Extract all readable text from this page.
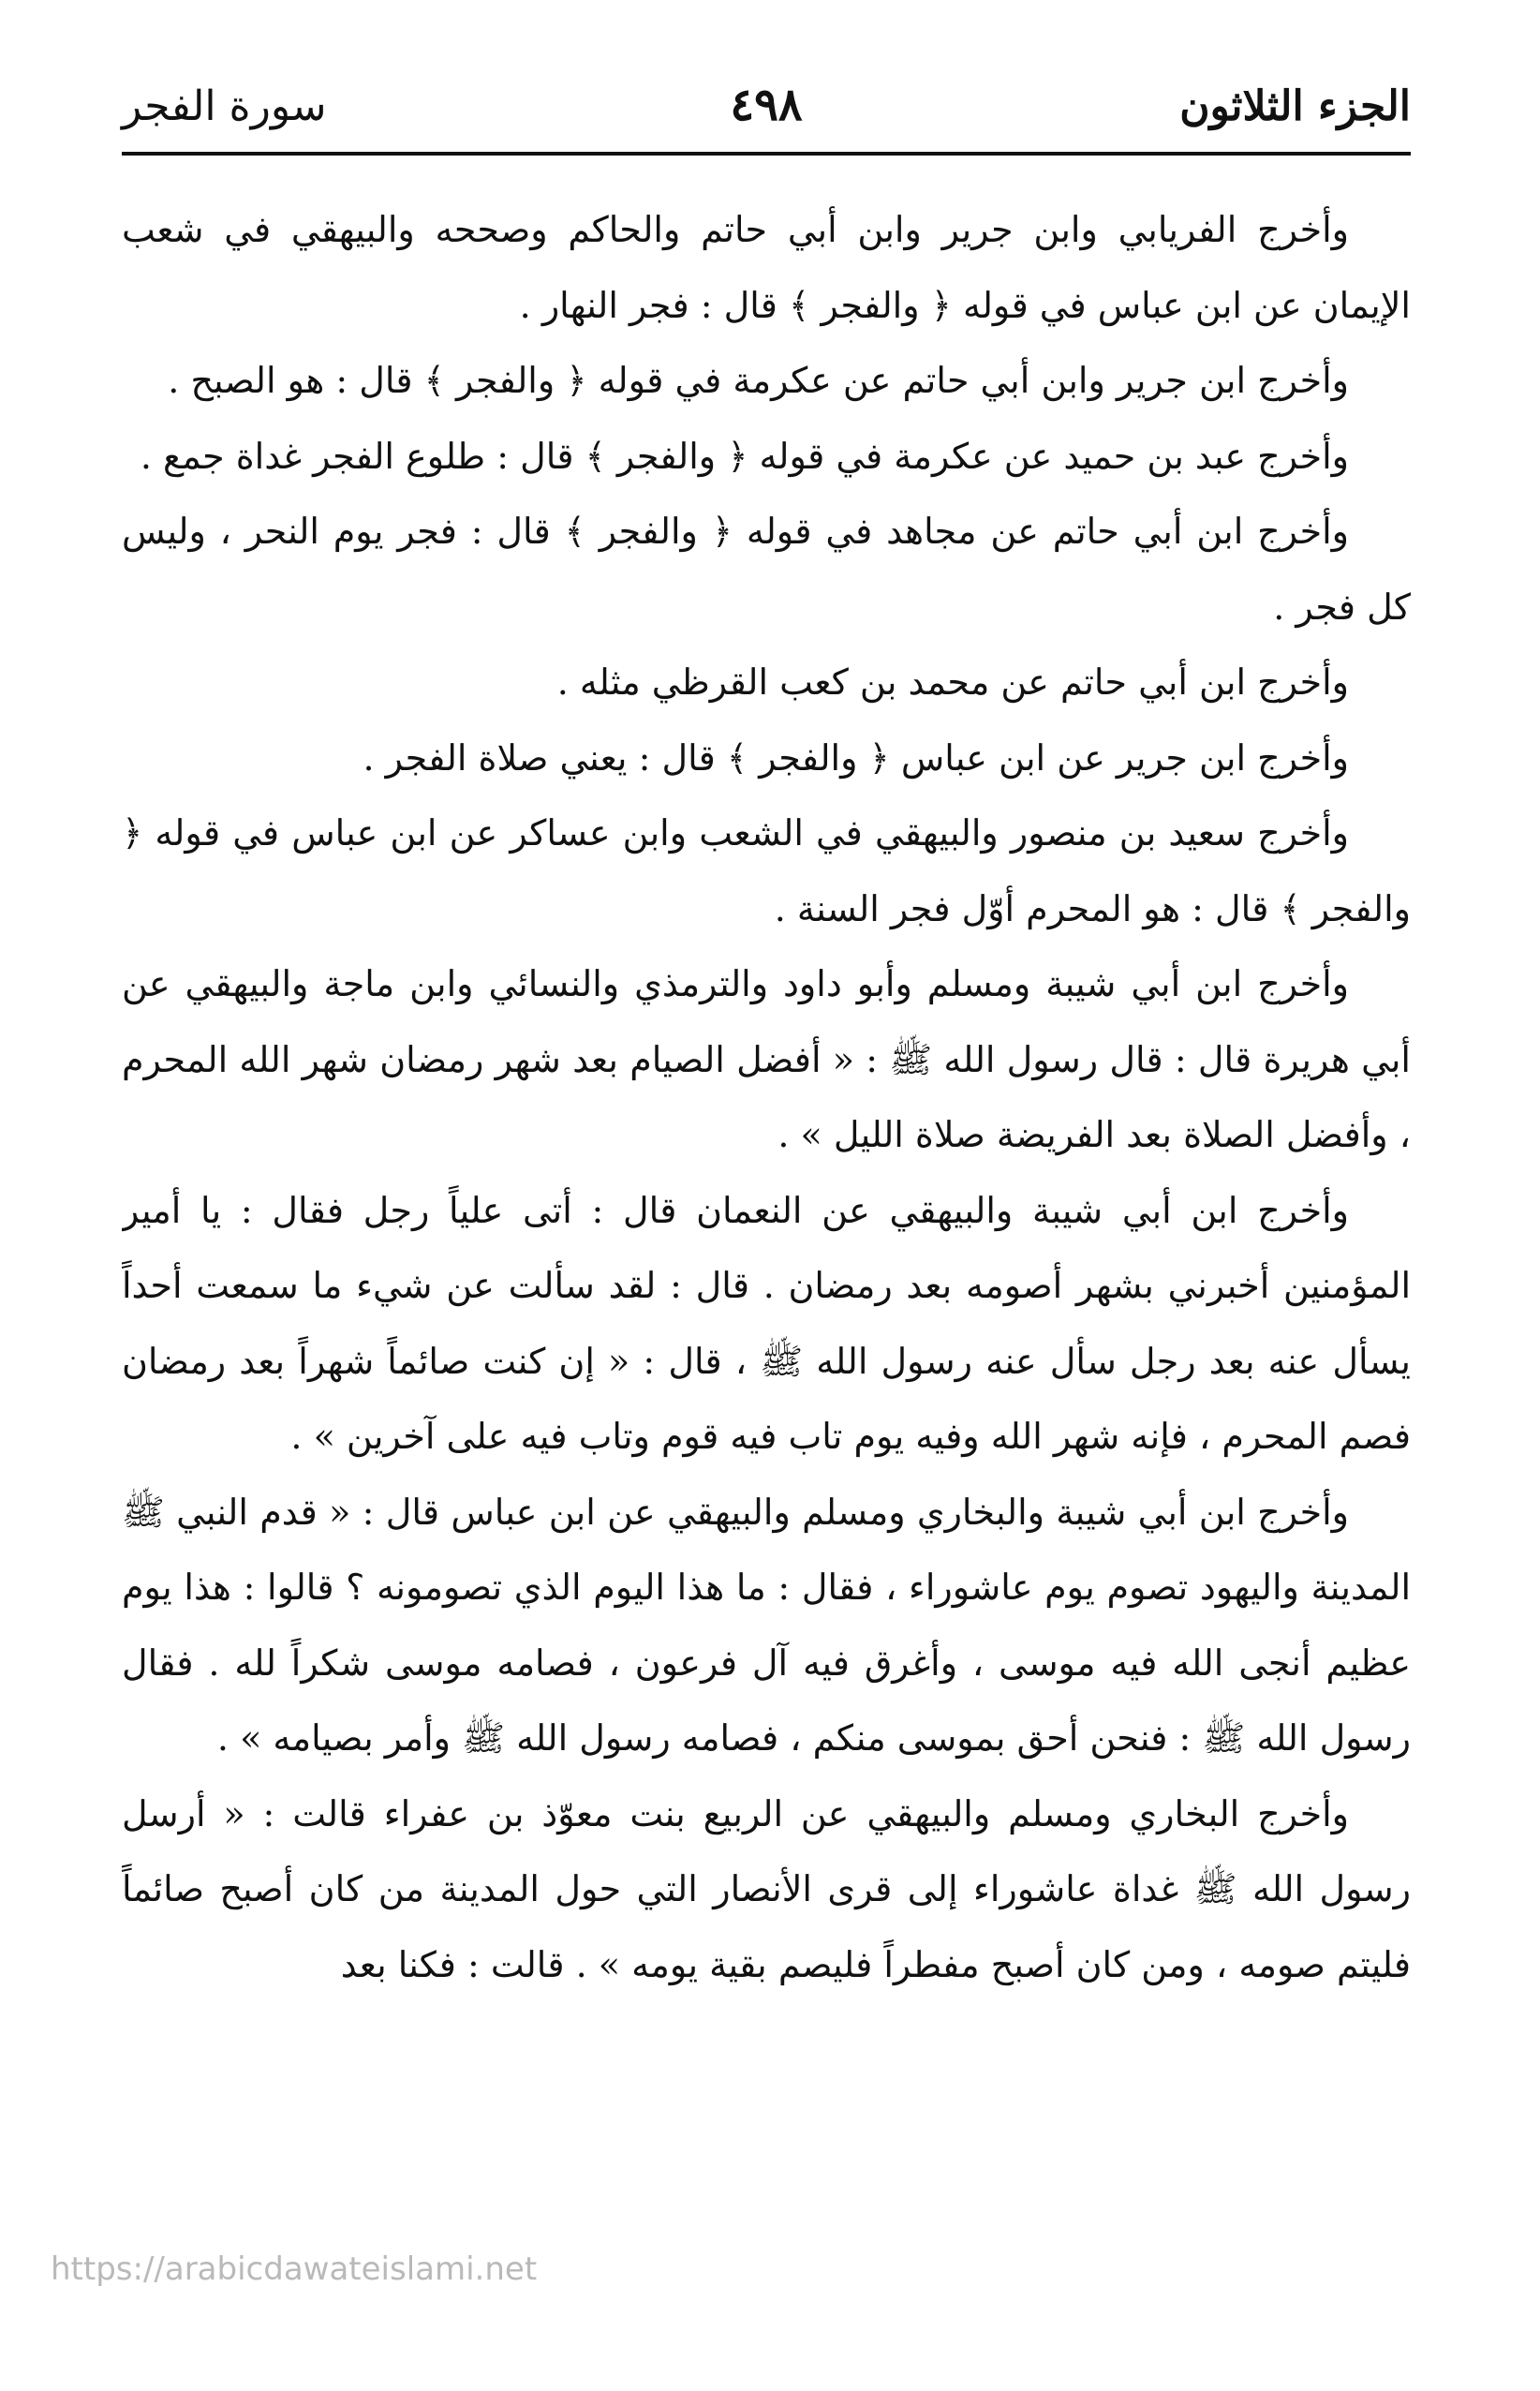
الجزء الثلاثون
٤٩٨
سورة الفجر

وأخرج الفريابي وابن جرير وابن أبي حاتم والحاكم وصححه والبيهقي في شعب الإيمان عن ابن عباس في قوله ﴿ والفجر ﴾ قال : فجر النهار .

وأخرج ابن جرير وابن أبي حاتم عن عكرمة في قوله ﴿ والفجر ﴾ قال : هو الصبح .

وأخرج عبد بن حميد عن عكرمة في قوله ﴿ والفجر ﴾ قال : طلوع الفجر غداة جمع .

وأخرج ابن أبي حاتم عن مجاهد في قوله ﴿ والفجر ﴾ قال : فجر يوم النحر ، وليس كل فجر .

وأخرج ابن أبي حاتم عن محمد بن كعب القرظي مثله .

وأخرج ابن جرير عن ابن عباس ﴿ والفجر ﴾ قال : يعني صلاة الفجر .

وأخرج سعيد بن منصور والبيهقي في الشعب وابن عساكر عن ابن عباس في قوله ﴿ والفجر ﴾ قال : هو المحرم أوّل فجر السنة .

وأخرج ابن أبي شيبة ومسلم وأبو داود والترمذي والنسائي وابن ماجة والبيهقي عن أبي هريرة قال : قال رسول الله ﷺ : « أفضل الصيام بعد شهر رمضان شهر الله المحرم ، وأفضل الصلاة بعد الفريضة صلاة الليل » .

وأخرج ابن أبي شيبة والبيهقي عن النعمان قال : أتى علياً رجل فقال : يا أمير المؤمنين أخبرني بشهر أصومه بعد رمضان . قال : لقد سألت عن شيء ما سمعت أحداً يسأل عنه بعد رجل سأل عنه رسول الله ﷺ ، قال : « إن كنت صائماً شهراً بعد رمضان فصم المحرم ، فإنه شهر الله وفيه يوم تاب فيه قوم وتاب فيه على آخرين » .

وأخرج ابن أبي شيبة والبخاري ومسلم والبيهقي عن ابن عباس قال : « قدم النبي ﷺ المدينة واليهود تصوم يوم عاشوراء ، فقال : ما هذا اليوم الذي تصومونه ؟ قالوا : هذا يوم عظيم أنجى الله فيه موسى ، وأغرق فيه آل فرعون ، فصامه موسى شكراً لله . فقال رسول الله ﷺ : فنحن أحق بموسى منكم ، فصامه رسول الله ﷺ وأمر بصيامه » .

وأخرج البخاري ومسلم والبيهقي عن الربيع بنت معوّذ بن عفراء قالت : « أرسل رسول الله ﷺ غداة عاشوراء إلى قرى الأنصار التي حول المدينة من كان أصبح صائماً فليتم صومه ، ومن كان أصبح مفطراً فليصم بقية يومه » . قالت : فكنا بعد

https://arabicdawateislami.net
